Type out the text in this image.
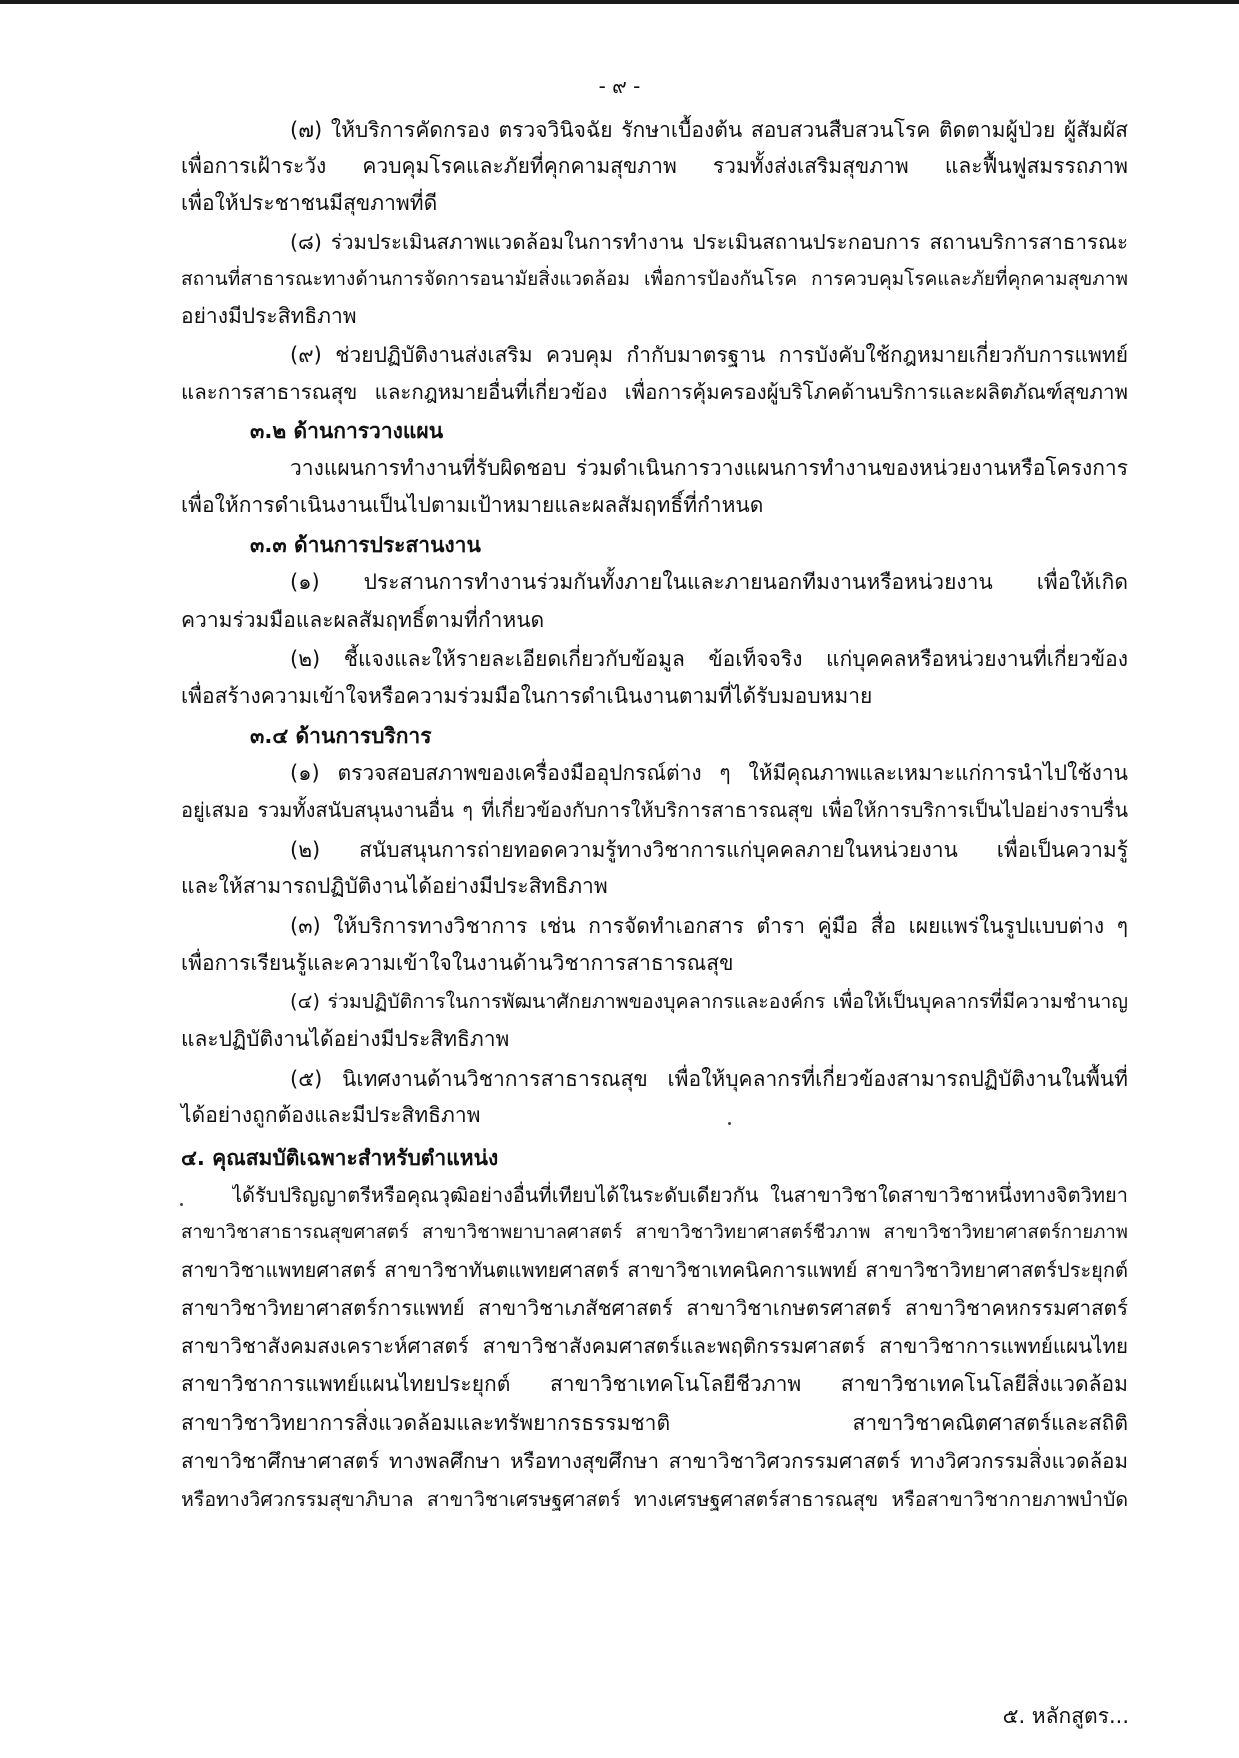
- ๙ -
(๗) ให้บริการคัดกรอง ตรวจวินิจฉัย รักษาเบื้องต้น สอบสวนสืบสวนโรค ติดตามผู้ป่วย ผู้สัมผัส
เพื่อการเฝ้าระวัง ควบคุมโรคและภัยที่คุกคามสุขภาพ รวมทั้งส่งเสริมสุขภาพ และฟื้นฟูสมรรถภาพ
เพื่อให้ประชาชนมีสุขภาพที่ดี
(๘) ร่วมประเมินสภาพแวดล้อมในการทำงาน ประเมินสถานประกอบการ สถานบริการสาธารณะ
สถานที่สาธารณะทางด้านการจัดการอนามัยสิ่งแวดล้อม เพื่อการป้องกันโรค การควบคุมโรคและภัยที่คุกคามสุขภาพ
อย่างมีประสิทธิภาพ
(๙) ช่วยปฏิบัติงานส่งเสริม ควบคุม กำกับมาตรฐาน การบังคับใช้กฎหมายเกี่ยวกับการแพทย์
และการสาธารณสุข และกฎหมายอื่นที่เกี่ยวข้อง เพื่อการคุ้มครองผู้บริโภคด้านบริการและผลิตภัณฑ์สุขภาพ
๓.๒ ด้านการวางแผน
วางแผนการทำงานที่รับผิดชอบ ร่วมดำเนินการวางแผนการทำงานของหน่วยงานหรือโครงการ
เพื่อให้การดำเนินงานเป็นไปตามเป้าหมายและผลสัมฤทธิ์ที่กำหนด
๓.๓ ด้านการประสานงาน
(๑) ประสานการทำงานร่วมกันทั้งภายในและภายนอกทีมงานหรือหน่วยงาน เพื่อให้เกิด
ความร่วมมือและผลสัมฤทธิ์ตามที่กำหนด
(๒) ชี้แจงและให้รายละเอียดเกี่ยวกับข้อมูล ข้อเท็จจริง แก่บุคคลหรือหน่วยงานที่เกี่ยวข้อง
เพื่อสร้างความเข้าใจหรือความร่วมมือในการดำเนินงานตามที่ได้รับมอบหมาย
๓.๔ ด้านการบริการ
(๑) ตรวจสอบสภาพของเครื่องมืออุปกรณ์ต่าง ๆ ให้มีคุณภาพและเหมาะแก่การนำไปใช้งาน
อยู่เสมอ รวมทั้งสนับสนุนงานอื่น ๆ ที่เกี่ยวข้องกับการให้บริการสาธารณสุข เพื่อให้การบริการเป็นไปอย่างราบรื่น
(๒) สนับสนุนการถ่ายทอดความรู้ทางวิชาการแก่บุคคลภายในหน่วยงาน เพื่อเป็นความรู้
และให้สามารถปฏิบัติงานได้อย่างมีประสิทธิภาพ
(๓) ให้บริการทางวิชาการ เช่น การจัดทำเอกสาร ตำรา คู่มือ สื่อ เผยแพร่ในรูปแบบต่าง ๆ
เพื่อการเรียนรู้และความเข้าใจในงานด้านวิชาการสาธารณสุข
(๔) ร่วมปฏิบัติการในการพัฒนาศักยภาพของบุคลากรและองค์กร เพื่อให้เป็นบุคลากรที่มีความชำนาญ
และปฏิบัติงานได้อย่างมีประสิทธิภาพ
(๕) นิเทศงานด้านวิชาการสาธารณสุข เพื่อให้บุคลากรที่เกี่ยวข้องสามารถปฏิบัติงานในพื้นที่
ได้อย่างถูกต้องและมีประสิทธิภาพ
๔. คุณสมบัติเฉพาะสำหรับตำแหน่ง
ได้รับปริญญาตรีหรือคุณวุฒิอย่างอื่นที่เทียบได้ในระดับเดียวกัน ในสาขาวิชาใดสาขาวิชาหนึ่งทางจิตวิทยา
สาขาวิชาสาธารณสุขศาสตร์ สาขาวิชาพยาบาลศาสตร์ สาขาวิชาวิทยาศาสตร์ชีวภาพ สาขาวิชาวิทยาศาสตร์กายภาพ
สาขาวิชาแพทยศาสตร์ สาขาวิชาทันตแพทยศาสตร์ สาขาวิชาเทคนิคการแพทย์ สาขาวิชาวิทยาศาสตร์ประยุกต์
สาขาวิชาวิทยาศาสตร์การแพทย์ สาขาวิชาเภสัชศาสตร์ สาขาวิชาเกษตรศาสตร์ สาขาวิชาคหกรรมศาสตร์
สาขาวิชาสังคมสงเคราะห์ศาสตร์ สาขาวิชาสังคมศาสตร์และพฤติกรรมศาสตร์ สาขาวิชาการแพทย์แผนไทย
สาขาวิชาการแพทย์แผนไทยประยุกต์ สาขาวิชาเทคโนโลยีชีวภาพ สาขาวิชาเทคโนโลยีสิ่งแวดล้อม
สาขาวิชาวิทยาการสิ่งแวดล้อมและทรัพยากรธรรมชาติ สาขาวิชาคณิตศาสตร์และสถิติ
สาขาวิชาศึกษาศาสตร์ ทางพลศึกษา หรือทางสุขศึกษา สาขาวิชาวิศวกรรมศาสตร์ ทางวิศวกรรมสิ่งแวดล้อม
หรือทางวิศวกรรมสุขาภิบาล สาขาวิชาเศรษฐศาสตร์ ทางเศรษฐศาสตร์สาธารณสุข หรือสาขาวิชากายภาพบำบัด
๕. หลักสูตร...
